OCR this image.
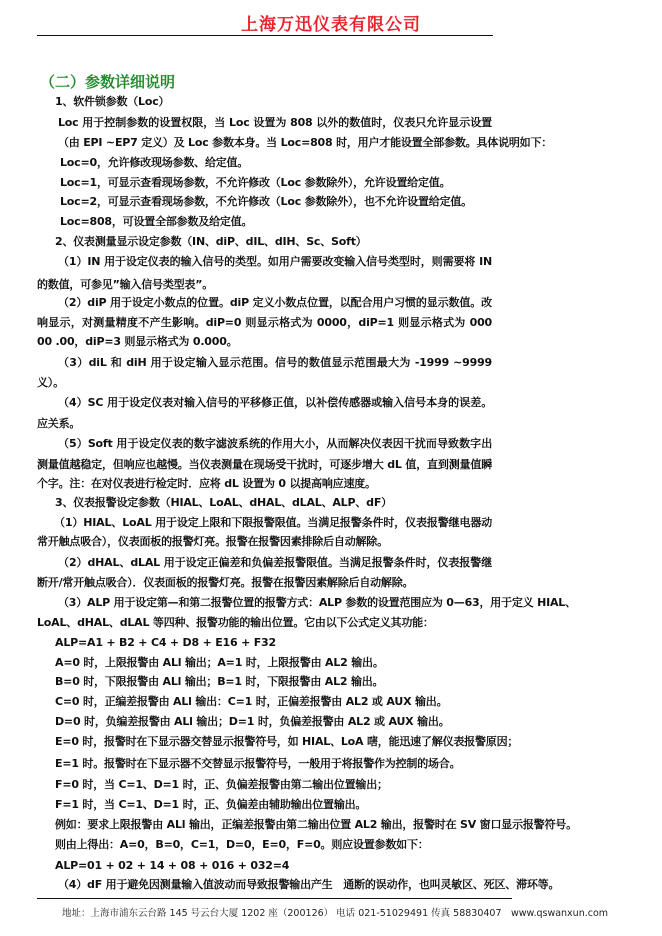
上海万迅仪表有限公司
（二）参数详细说明
1、软件锁参数（Loc）
Loc 用于控制参数的设置权限，当 Loc 设置为 808 以外的数值时，仪表只允许显示设置
（由 EPI ~EP7 定义）及 Loc 参数本身。当 Loc=808 时，用户才能设置全部参数。具体说明如下：
Loc=0，允许修改现场参数、给定值。
Loc=1，可显示查看现场参数，不允许修改（Loc 参数除外），允许设置给定值。
Loc=2，可显示查看现场参数，不允许修改（Loc 参数除外），也不允许设置给定值。
Loc=808，可设置全部参数及给定值。
2、仪表测量显示设定参数（IN、diP、dIL、dIH、Sc、Soft）
（1）IN 用于设定仪表的输入信号的类型。如用户需要改变输入信号类型时，则需要将 IN
的数值，可参见”输入信号类型表”。
（2）diP 用于设定小数点的位置。diP 定义小数点位置，以配合用户习惯的显示数值。改
响显示，对测量精度不产生影响。diP=0 则显示格式为 0000，diP=1 则显示格式为 000
00 .00，diP=3 则显示格式为 0.000。
（3）diL 和 diH 用于设定输入显示范围。信号的数值显示范围最大为 -1999 ~9999
义）。
（4）SC 用于设定仪表对输入信号的平移修正值，以补偿传感器或输入信号本身的误差。
应关系。
（5）Soft 用于设定仪表的数字滤波系统的作用大小，从而解决仪表因干扰而导致数字出
测量值越稳定，但响应也越慢。当仪表测量在现场受干扰时，可逐步增大 dL 值，直到测量值瞬
个字。注：在对仪表进行检定时．应将 dL 设置为 0 以提高响应速度。
3、仪表报警设定参数（HIAL、LoAL、dHAL、dLAL、ALP、dF）
（1）HIAL、LoAL 用于设定上限和下限报警限值。当满足报警条件时，仪表报警继电器动
常开触点吸合），仪表面板的报警灯亮。报警在报警因素排除后自动解除。
（2）dHAL、dLAL 用于设定正偏差和负偏差报警限值。当满足报警条件时，仪表报警继
断开/常开触点吸合）．仪表面板的报警灯亮。报警在报警因素解除后自动解除。
（3）ALP 用于设定第—和第二报警位置的报警方式：ALP 参数的设置范围应为 0—63，用于定义 HIAL、
LoAL、dHAL、dLAL 等四种、报警功能的输出位置。它由以下公式定义其功能：
ALP=A1 + B2 + C4 + D8 + E16 + F32
A=0 时，上限报警由 ALl 输出；A=1 时，上限报警由 AL2 输出。
B=0 时，下限报警由 ALl 输出；B=1 时，下限报警由 AL2 输出。
C=0 时，正编差报警由 ALl 输出：C=1 时，正偏差报警由 AL2 或 AUX 输出。
D=0 时，负编差报警由 ALl 输出；D=1 时，负偏差报警由 AL2 或 AUX 输出。
E=0 时，报警时在下显示器交替显示报警符号，如 HIAL、LoA 嗐，能迅速了解仪表报警原因；
E=1 时。报警时在下显示器不交替显示报警符号，一般用于将报警作为控制的场合。
F=0 时，当 C=1、D=1 时，正、负偏差报警由第二输出位置输出；
F=1 时，当 C=1、D=1 时，正、负偏差由辅助输出位置输出。
例如：要求上限报警由 ALl 输出，正编差报警由第二输出位置 AL2 输出，报警时在 SV 窗口显示报警符号。
则由上得出：A=0，B=0，C=1，D=0，E=0，F=0。则应设置参数如下：
ALP=01 + 02 + 14 + 08 + 016 + 032=4
（4）dF 用于避免因测量输入值波动而导致报警输出产生　通断的误动作，也叫灵敏区、死区、滞环等。
地址：上海市浦东云台路 145 号云台大厦 1202 座（200126） 电话 021-51029491 传真 58830407　www.qswanxun.com
